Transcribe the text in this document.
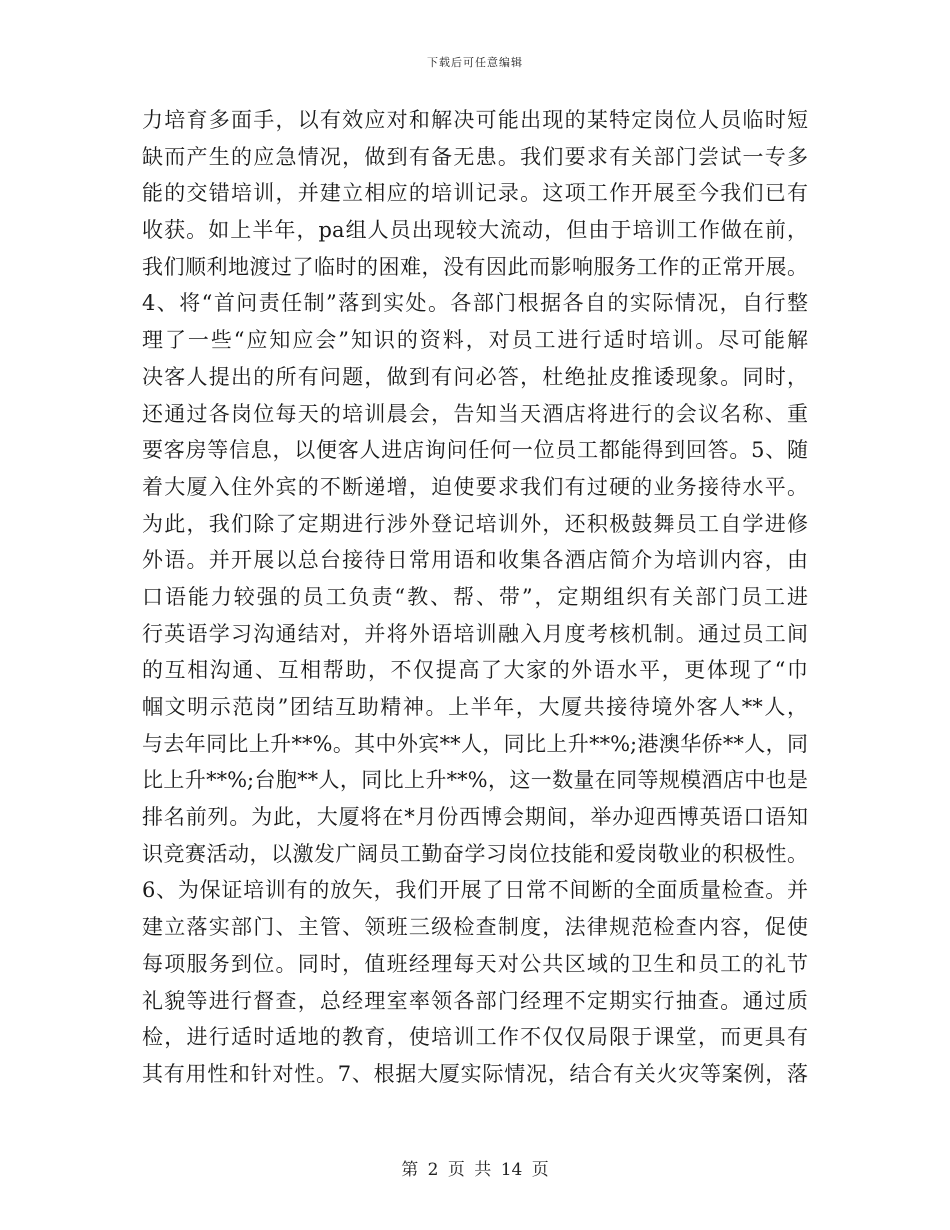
下载后可任意编辑
力培育多面手，以有效应对和解决可能出现的某特定岗位人员临时短
缺而产生的应急情况，做到有备无患。我们要求有关部门尝试一专多
能的交错培训，并建立相应的培训记录。这项工作开展至今我们已有
收获。如上半年，pa组人员出现较大流动，但由于培训工作做在前，
我们顺利地渡过了临时的困难，没有因此而影响服务工作的正常开展。
4、将“首问责任制”落到实处。各部门根据各自的实际情况，自行整
理了一些“应知应会”知识的资料，对员工进行适时培训。尽可能解
决客人提出的所有问题，做到有问必答，杜绝扯皮推诿现象。同时，
还通过各岗位每天的培训晨会，告知当天酒店将进行的会议名称、重
要客房等信息，以便客人进店询问任何一位员工都能得到回答。5、随
着大厦入住外宾的不断递增，迫使要求我们有过硬的业务接待水平。
为此，我们除了定期进行涉外登记培训外，还积极鼓舞员工自学进修
外语。并开展以总台接待日常用语和收集各酒店简介为培训内容，由
口语能力较强的员工负责“教、帮、带”，定期组织有关部门员工进
行英语学习沟通结对，并将外语培训融入月度考核机制。通过员工间
的互相沟通、互相帮助，不仅提高了大家的外语水平，更体现了“巾
帼文明示范岗”团结互助精神。上半年，大厦共接待境外客人**人，
与去年同比上升**%。其中外宾**人，同比上升**%;港澳华侨**人，同
比上升**%;台胞**人，同比上升**%，这一数量在同等规模酒店中也是
排名前列。为此，大厦将在*月份西博会期间，举办迎西博英语口语知
识竞赛活动，以激发广阔员工勤奋学习岗位技能和爱岗敬业的积极性。
6、为保证培训有的放矢，我们开展了日常不间断的全面质量检查。并
建立落实部门、主管、领班三级检查制度，法律规范检查内容，促使
每项服务到位。同时，值班经理每天对公共区域的卫生和员工的礼节
礼貌等进行督查，总经理室率领各部门经理不定期实行抽查。通过质
检，进行适时适地的教育，使培训工作不仅仅局限于课堂，而更具有
其有用性和针对性。7、根据大厦实际情况，结合有关火灾等案例，落
第 2 页 共 14 页
